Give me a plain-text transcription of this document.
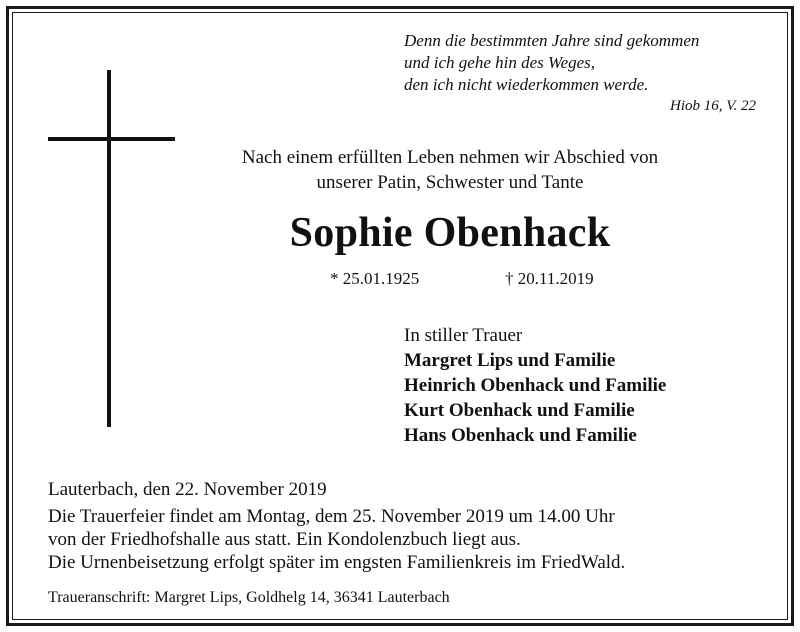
Denn die bestimmten Jahre sind gekommen
und ich gehe hin des Weges,
den ich nicht wiederkommen werde.
Hiob 16, V. 22
Nach einem erfüllten Leben nehmen wir Abschied von
unserer Patin, Schwester und Tante
Sophie Obenhack
* 25.01.1925	† 20.11.2019
In stiller Trauer
Margret Lips und Familie
Heinrich Obenhack und Familie
Kurt Obenhack und Familie
Hans Obenhack und Familie
Lauterbach, den 22. November 2019
Die Trauerfeier findet am Montag, dem 25. November 2019 um 14.00 Uhr
von der Friedhofshalle aus statt. Ein Kondolenzbuch liegt aus.
Die Urnenbeisetzung erfolgt später im engsten Familienkreis im FriedWald.
Traueranschrift: Margret Lips, Goldhelg 14, 36341 Lauterbach
